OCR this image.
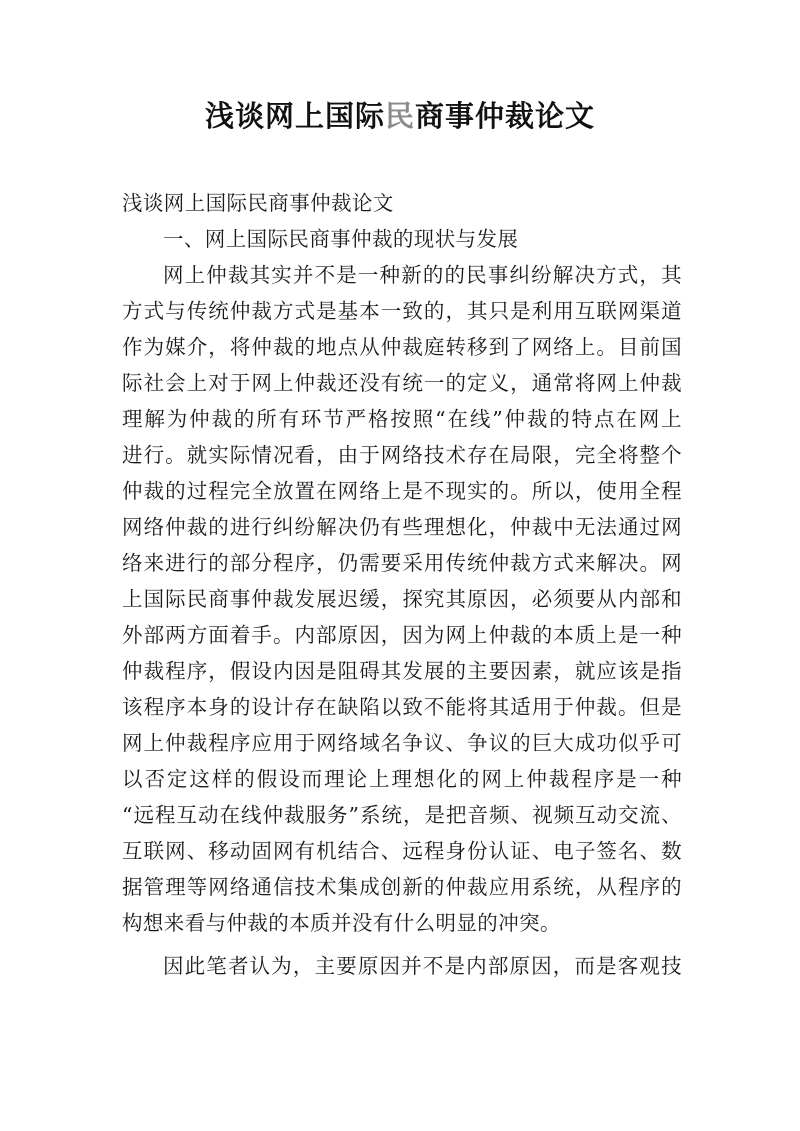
浅谈网上国际民商事仲裁论文
浅谈网上国际民商事仲裁论文
一、网上国际民商事仲裁的现状与发展
网上仲裁其实并不是一种新的的民事纠纷解决方式，其
方式与传统仲裁方式是基本一致的，其只是利用互联网渠道
作为媒介，将仲裁的地点从仲裁庭转移到了网络上。目前国
际社会上对于网上仲裁还没有统一的定义，通常将网上仲裁
理解为仲裁的所有环节严格按照“在线”仲裁的特点在网上
进行。就实际情况看，由于网络技术存在局限，完全将整个
仲裁的过程完全放置在网络上是不现实的。所以，使用全程
网络仲裁的进行纠纷解决仍有些理想化，仲裁中无法通过网
络来进行的部分程序，仍需要采用传统仲裁方式来解决。网
上国际民商事仲裁发展迟缓，探究其原因，必须要从内部和
外部两方面着手。内部原因，因为网上仲裁的本质上是一种
仲裁程序，假设内因是阻碍其发展的主要因素，就应该是指
该程序本身的设计存在缺陷以致不能将其适用于仲裁。但是
网上仲裁程序应用于网络域名争议、争议的巨大成功似乎可
以否定这样的假设而理论上理想化的网上仲裁程序是一种
“远程互动在线仲裁服务”系统，是把音频、视频互动交流、
互联网、移动固网有机结合、远程身份认证、电子签名、数
据管理等网络通信技术集成创新的仲裁应用系统，从程序的
构想来看与仲裁的本质并没有什么明显的冲突。
因此笔者认为，主要原因并不是内部原因，而是客观技
